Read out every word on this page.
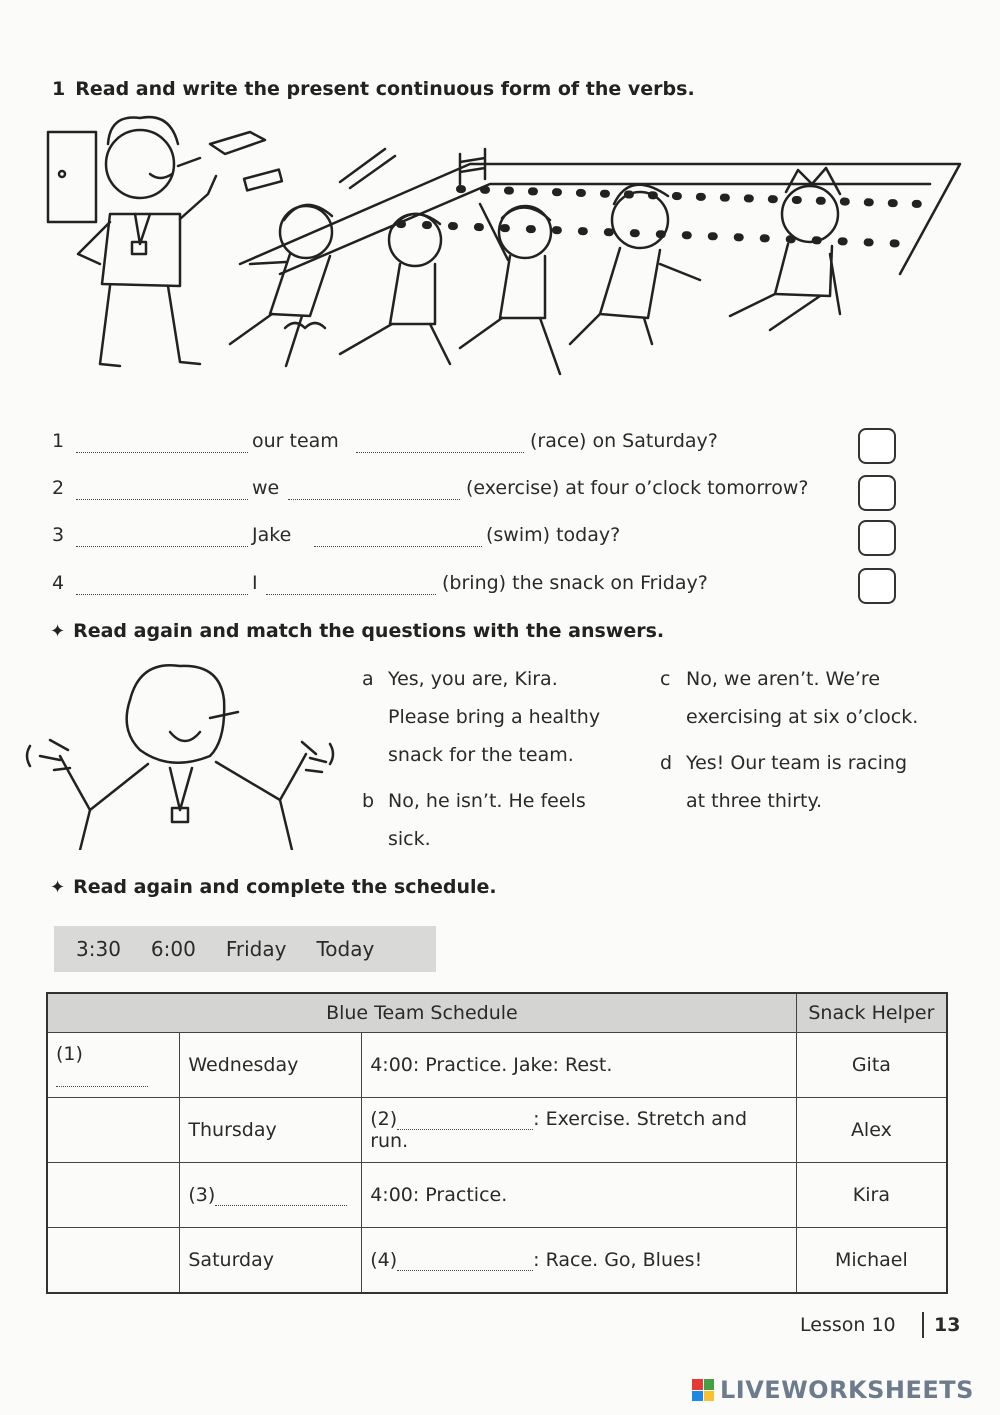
1 Read and write the present continuous form of the verbs.
1	our team	(race) on Saturday?
2	we	(exercise) at four o’clock tomorrow?
3	Jake	(swim) today?
4	I	(bring) the snack on Friday?
✦ Read again and match the questions with the answers.
a Yes, you are, Kira.
Please bring a healthy
snack for the team.
b No, he isn’t. He feels
sick.
c No, we aren’t. We’re
exercising at six o’clock.
d Yes! Our team is racing
at three thirty.
✦ Read again and complete the schedule.
3:30 6:00 Friday Today
Blue Team Schedule			Snack Helper
(1)	Wednesday	4:00: Practice. Jake: Rest.	Gita
	Thursday	(2) : Exercise. Stretch and run.	Alex
	(3)	4:00: Practice.	Kira
	Saturday	(4) : Race. Go, Blues!	Michael
Lesson 10 13
LIVEWORKSHEETS
